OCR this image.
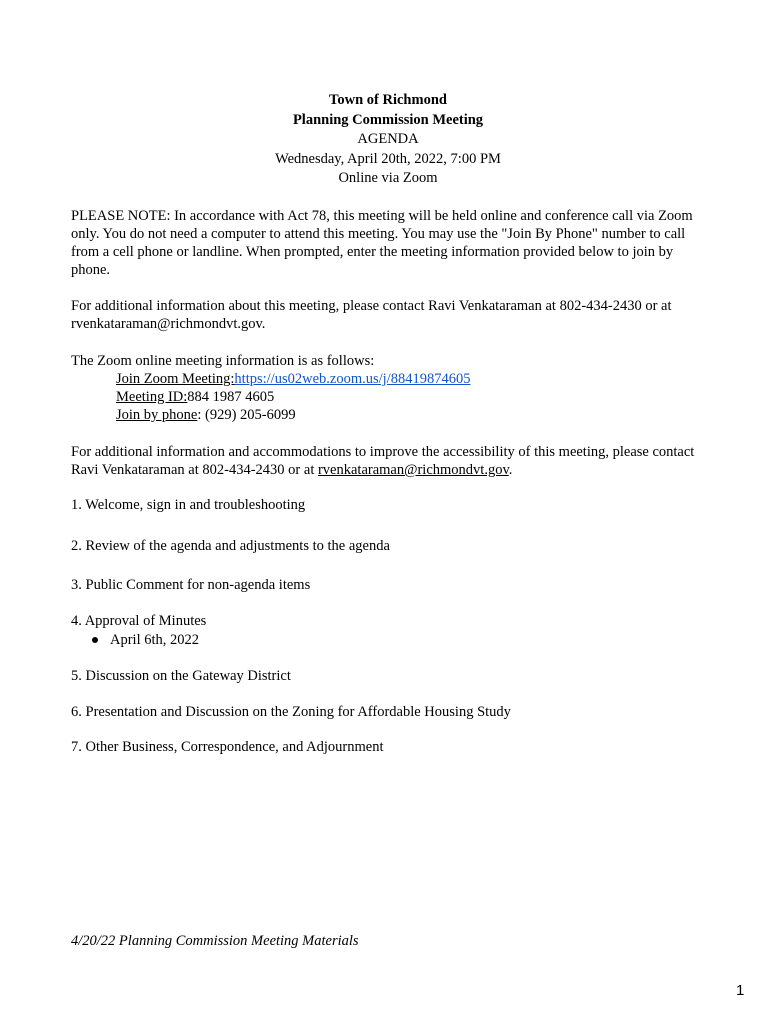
Town of Richmond
Planning Commission Meeting
AGENDA
Wednesday, April 20th, 2022, 7:00 PM
Online via Zoom
PLEASE NOTE: In accordance with Act 78, this meeting will be held online and conference call via Zoom only. You do not need a computer to attend this meeting. You may use the "Join By Phone" number to call from a cell phone or landline. When prompted, enter the meeting information provided below to join by phone.
For additional information about this meeting, please contact Ravi Venkataraman at 802-434-2430 or at rvenkataraman@richmondvt.gov.
The Zoom online meeting information is as follows:
Join Zoom Meeting:https://us02web.zoom.us/j/88419874605
Meeting ID:884 1987 4605
Join by phone: (929) 205-6099
For additional information and accommodations to improve the accessibility of this meeting, please contact Ravi Venkataraman at 802-434-2430 or at rvenkataraman@richmondvt.gov.
1. Welcome, sign in and troubleshooting
2. Review of the agenda and adjustments to the agenda
3. Public Comment for non-agenda items
4. Approval of Minutes
April 6th, 2022
5. Discussion on the Gateway District
6. Presentation and Discussion on the Zoning for Affordable Housing Study
7. Other Business, Correspondence, and Adjournment
4/20/22 Planning Commission Meeting Materials
1
